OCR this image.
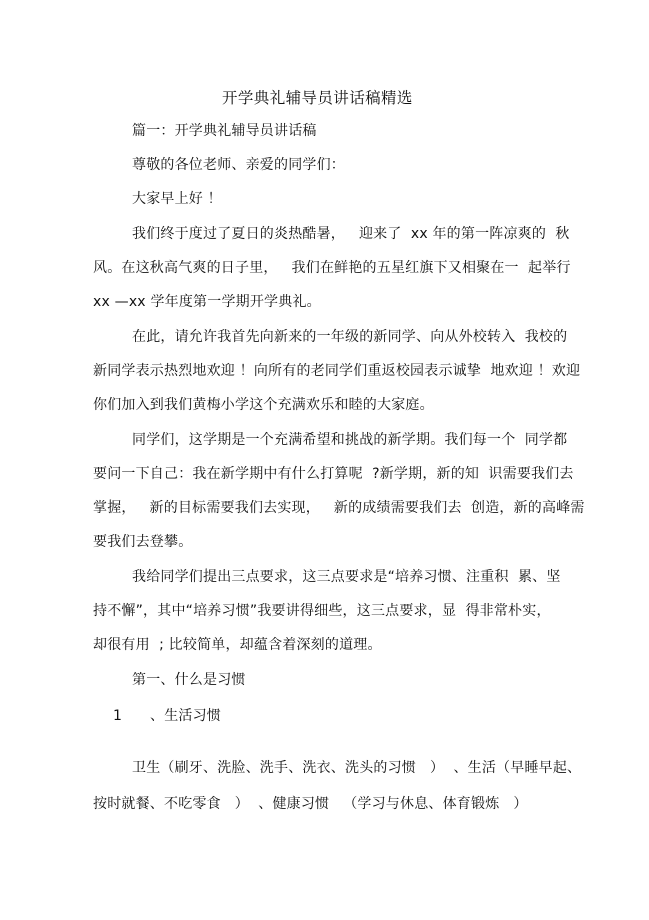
开学典礼辅导员讲话稿精选
篇一：开学典礼辅导员讲话稿
尊敬的各位老师、亲爱的同学们：
大家早上好 ！
我们终于度过了夏日的炎热酷暑，   迎来了  xx 年的第一阵凉爽的  秋
风。在这秋高气爽的日子里，   我们在鲜艳的五星红旗下又相聚在一  起举行
xx —xx 学年度第一学期开学典礼。
在此，请允许我首先向新来的一年级的新同学、向从外校转入  我校的
新同学表示热烈地欢迎 ！向所有的老同学们重返校园表示诚挚  地欢迎 ！欢迎
你们加入到我们黄梅小学这个充满欢乐和睦的大家庭。
同学们，这学期是一个充满希望和挑战的新学期。我们每一个  同学都
要问一下自己：我在新学期中有什么打算呢  ?新学期，新的知  识需要我们去
掌握，   新的目标需要我们去实现，   新的成绩需要我们去  创造，新的高峰需
要我们去登攀。
我给同学们提出三点要求，这三点要求是“培养习惯、注重积  累、坚
持不懈”，其中“培养习惯”我要讲得细些，这三点要求，显  得非常朴实，
却很有用  ; 比较简单，却蕴含着深刻的道理。
第一、什么是习惯
1      、生活习惯
卫生（刷牙、洗脸、洗手、洗衣、洗头的习惯   ）  、生活（早睡早起、
按时就餐、不吃零食   ）  、健康习惯   （学习与休息、体育锻炼   ）
